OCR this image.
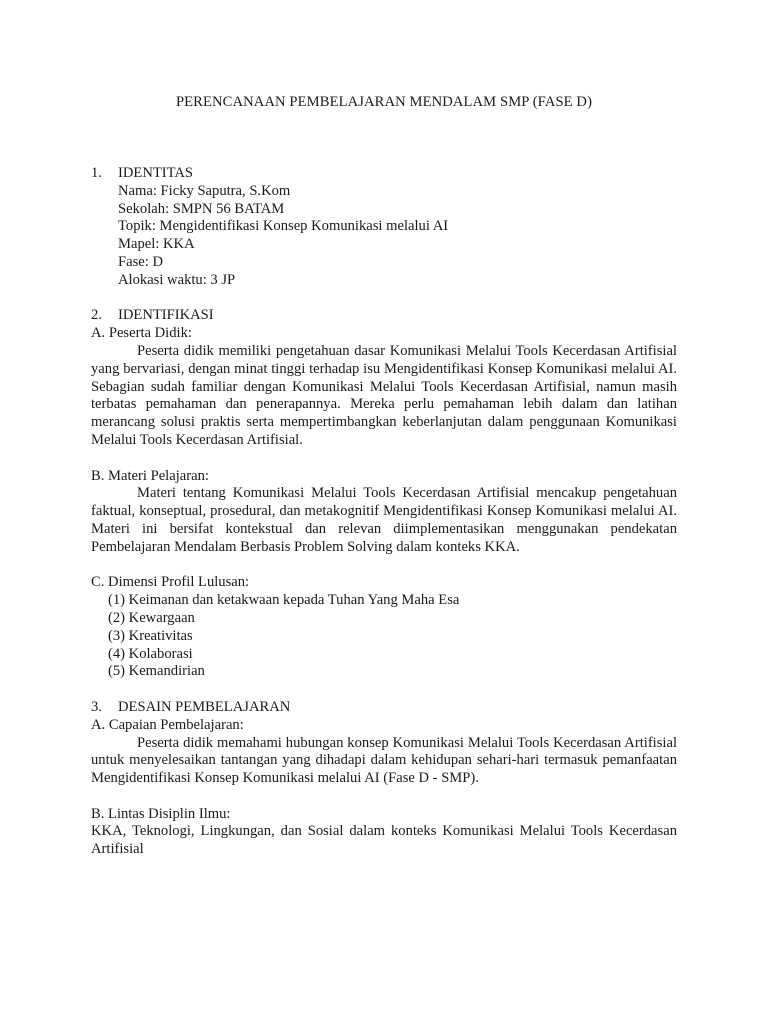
PERENCANAAN PEMBELAJARAN MENDALAM SMP (FASE D)
1.	IDENTITAS
Nama: Ficky Saputra, S.Kom
Sekolah: SMPN 56 BATAM
Topik: Mengidentifikasi Konsep Komunikasi melalui AI
Mapel: KKA
Fase: D
Alokasi waktu: 3 JP
2.	IDENTIFIKASI
A. Peserta Didik:
Peserta didik memiliki pengetahuan dasar Komunikasi Melalui Tools Kecerdasan Artifisial yang bervariasi, dengan minat tinggi terhadap isu Mengidentifikasi Konsep Komunikasi melalui AI. Sebagian sudah familiar dengan Komunikasi Melalui Tools Kecerdasan Artifisial, namun masih terbatas pemahaman dan penerapannya. Mereka perlu pemahaman lebih dalam dan latihan merancang solusi praktis serta mempertimbangkan keberlanjutan dalam penggunaan Komunikasi Melalui Tools Kecerdasan Artifisial.
B. Materi Pelajaran:
Materi tentang Komunikasi Melalui Tools Kecerdasan Artifisial mencakup pengetahuan faktual, konseptual, prosedural, dan metakognitif Mengidentifikasi Konsep Komunikasi melalui AI. Materi ini bersifat kontekstual dan relevan diimplementasikan menggunakan pendekatan Pembelajaran Mendalam Berbasis Problem Solving dalam konteks KKA.
C. Dimensi Profil Lulusan:
(1) Keimanan dan ketakwaan kepada Tuhan Yang Maha Esa
(2) Kewargaan
(3) Kreativitas
(4) Kolaborasi
(5) Kemandirian
3.	DESAIN PEMBELAJARAN
A. Capaian Pembelajaran:
Peserta didik memahami hubungan konsep Komunikasi Melalui Tools Kecerdasan Artifisial untuk menyelesaikan tantangan yang dihadapi dalam kehidupan sehari-hari termasuk pemanfaatan Mengidentifikasi Konsep Komunikasi melalui AI (Fase D - SMP).
B. Lintas Disiplin Ilmu:
KKA, Teknologi, Lingkungan, dan Sosial dalam konteks Komunikasi Melalui Tools Kecerdasan Artifisial
